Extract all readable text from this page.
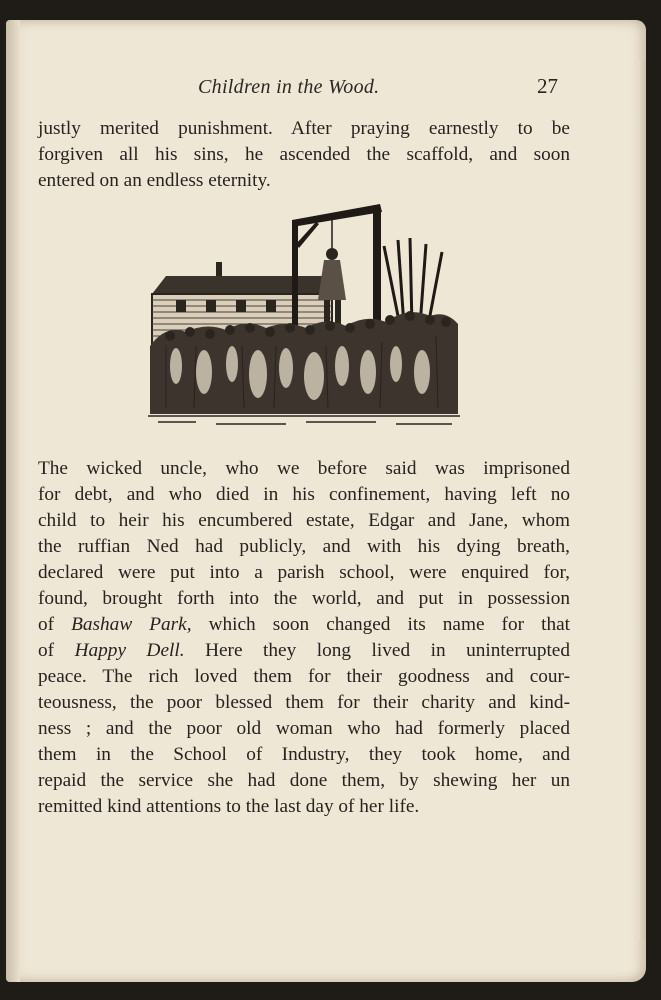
Children in the Wood.	27
justly merited punishment. After praying earnestly to be
forgiven all his sins, he ascended the scaffold, and soon
entered on an endless eternity.
The wicked uncle, who we before said was imprisoned
for debt, and who died in his confinement, having left no
child to heir his encumbered estate, Edgar and Jane, whom
the ruffian Ned had publicly, and with his dying breath,
declared were put into a parish school, were enquired for,
found, brought forth into the world, and put in possession
of Bashaw Park, which soon changed its name for that
of Happy Dell. Here they long lived in uninterrupted
peace. The rich loved them for their goodness and cour-
teousness, the poor blessed them for their charity and kind-
ness ; and the poor old woman who had formerly placed
them in the School of Industry, they took home, and
repaid the service she had done them, by shewing her un
remitted kind attentions to the last day of her life.
